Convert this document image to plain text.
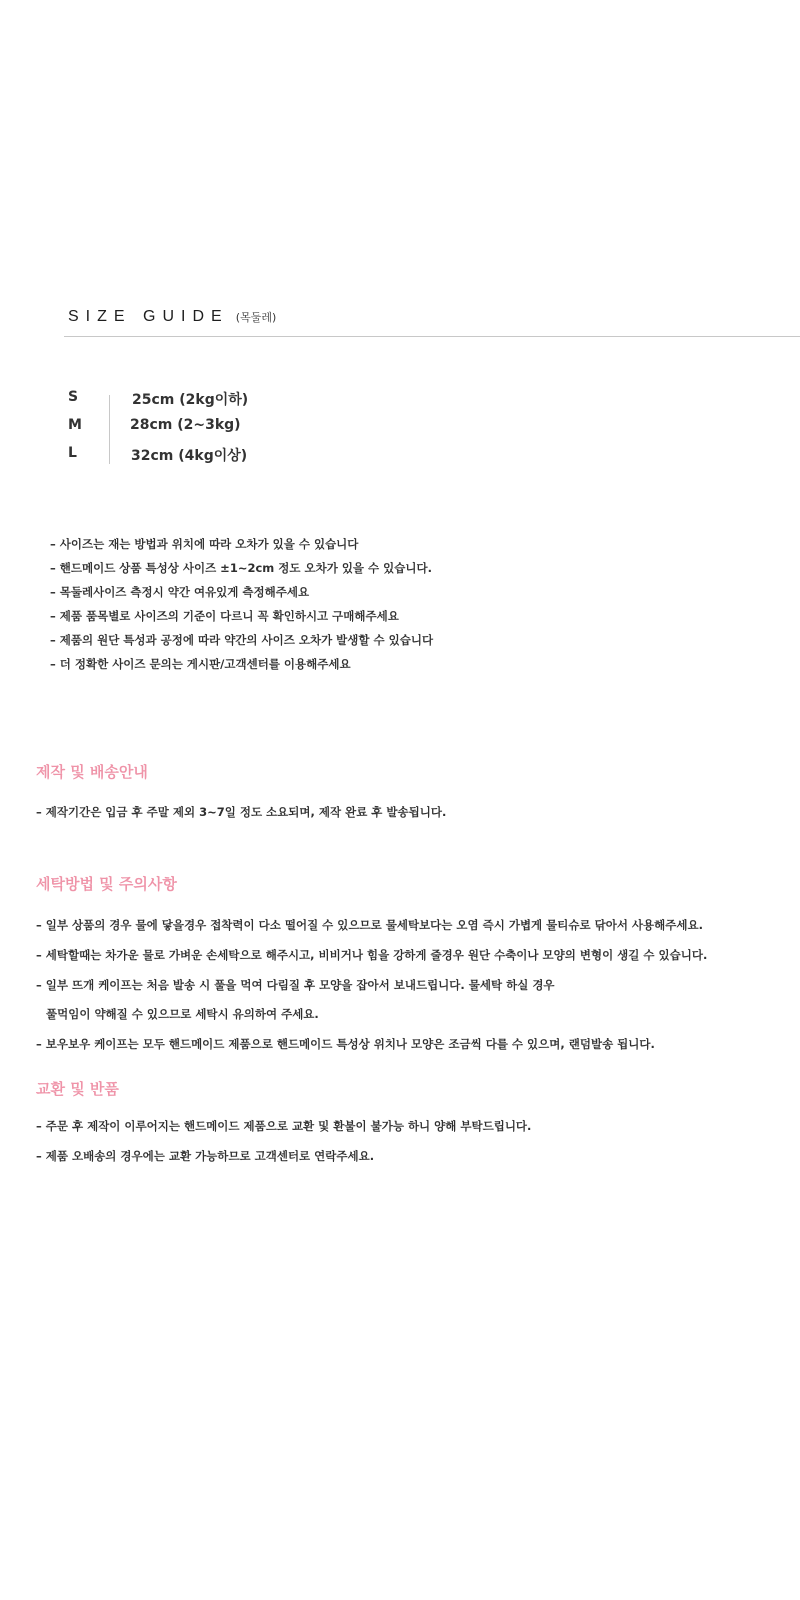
SIZE GUIDE (목둘레)
S	25cm (2kg이하)
M	28cm (2~3kg)
L	32cm (4kg이상)
– 사이즈는 재는 방법과 위치에 따라 오차가 있을 수 있습니다
– 핸드메이드 상품 특성상 사이즈 ±1~2cm 정도 오차가 있을 수 있습니다.
– 목둘레사이즈 측정시 약간 여유있게 측정해주세요
– 제품 품목별로 사이즈의 기준이 다르니 꼭 확인하시고 구매해주세요
– 제품의 원단 특성과 공정에 따라 약간의 사이즈 오차가 발생할 수 있습니다
– 더 정확한 사이즈 문의는 게시판/고객센터를 이용해주세요
제작 및 배송안내
– 제작기간은 입금 후 주말 제외 3~7일 정도 소요되며, 제작 완료 후 발송됩니다.
세탁방법 및 주의사항
– 일부 상품의 경우 물에 닿을경우 접착력이 다소 떨어질 수 있으므로 물세탁보다는 오염 즉시 가볍게 물티슈로 닦아서 사용해주세요.
– 세탁할때는 차가운 물로 가벼운 손세탁으로 해주시고, 비비거나 힘을 강하게 줄경우 원단 수축이나 모양의 변형이 생길 수 있습니다.
– 일부 뜨개 케이프는 처음 발송 시 풀을 먹여 다림질 후 모양을 잡아서 보내드립니다. 물세탁 하실 경우
풀먹임이 약해질 수 있으므로 세탁시 유의하여 주세요.
– 보우보우 케이프는 모두 핸드메이드 제품으로 핸드메이드 특성상 위치나 모양은 조금씩 다를 수 있으며, 랜덤발송 됩니다.
교환 및 반품
– 주문 후 제작이 이루어지는 핸드메이드 제품으로 교환 및 환불이 불가능 하니 양해 부탁드립니다.
– 제품 오배송의 경우에는 교환 가능하므로 고객센터로 연락주세요.
